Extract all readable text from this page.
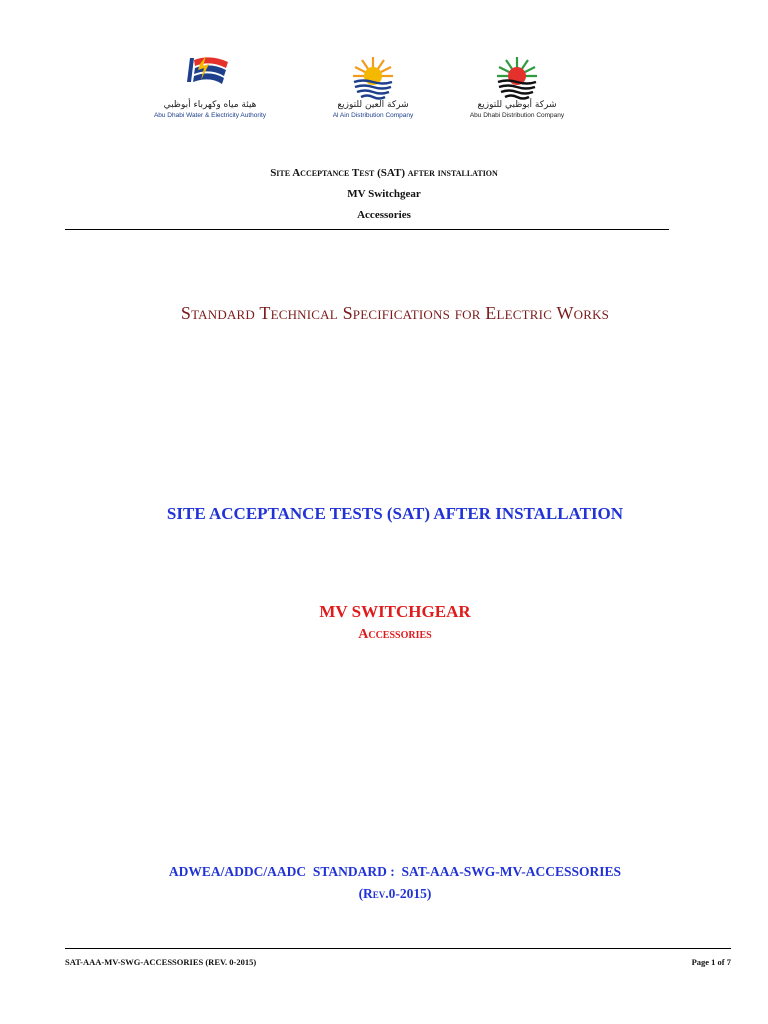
هيئة مياه وكهرباء أبوظبي
Abu Dhabi Water & Electricity Authority
شركة العين للتوزيع
Al Ain Distribution Company
شركة أبوظبي للتوزيع
Abu Dhabi Distribution Company
Site Acceptance Test (SAT) after installation
MV Switchgear
Accessories
Standard Technical Specifications for Electric Works
SITE ACCEPTANCE TESTS (SAT) AFTER INSTALLATION
MV SWITCHGEAR
Accessories
ADWEA/ADDC/AADC  STANDARD :  SAT-AAA-SWG-MV-ACCESSORIES
(Rev.0-2015)
SAT-AAA-MV-SWG-ACCESSORIES (REV. 0-2015)	Page 1 of 7
